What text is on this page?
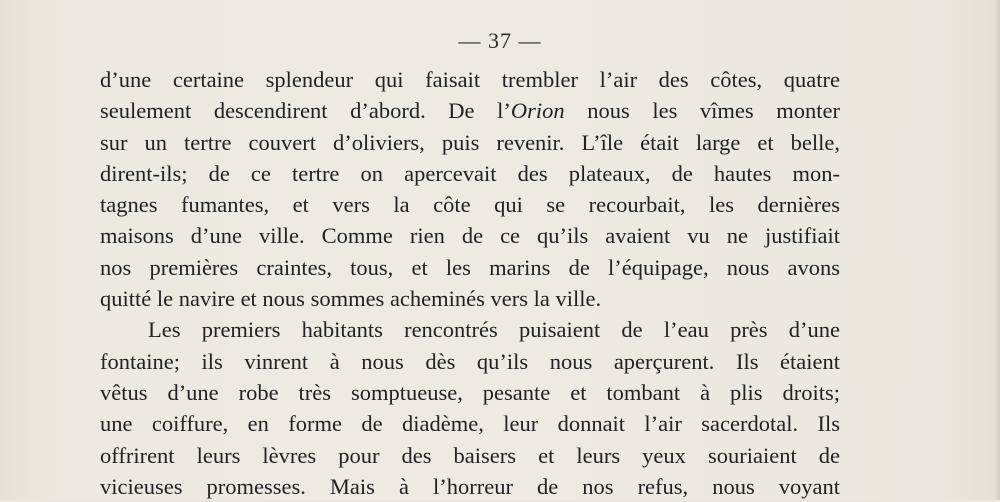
— 37 —
d’une certaine splendeur qui faisait trembler l’air des côtes, quatre
seulement descendirent d’abord. De l’Orion nous les vîmes monter
sur un tertre couvert d’oliviers, puis revenir. L’île était large et belle,
dirent-ils; de ce tertre on apercevait des plateaux, de hautes mon-
tagnes fumantes, et vers la côte qui se recourbait, les dernières
maisons d’une ville. Comme rien de ce qu’ils avaient vu ne justifiait
nos premières craintes, tous, et les marins de l’équipage, nous avons
quitté le navire et nous sommes acheminés vers la ville.
Les premiers habitants rencontrés puisaient de l’eau près d’une
fontaine; ils vinrent à nous dès qu’ils nous aperçurent. Ils étaient
vêtus d’une robe très somptueuse, pesante et tombant à plis droits;
une coiffure, en forme de diadème, leur donnait l’air sacerdotal. Ils
offrirent leurs lèvres pour des baisers et leurs yeux souriaient de
vicieuses promesses. Mais à l’horreur de nos refus, nous voyant
